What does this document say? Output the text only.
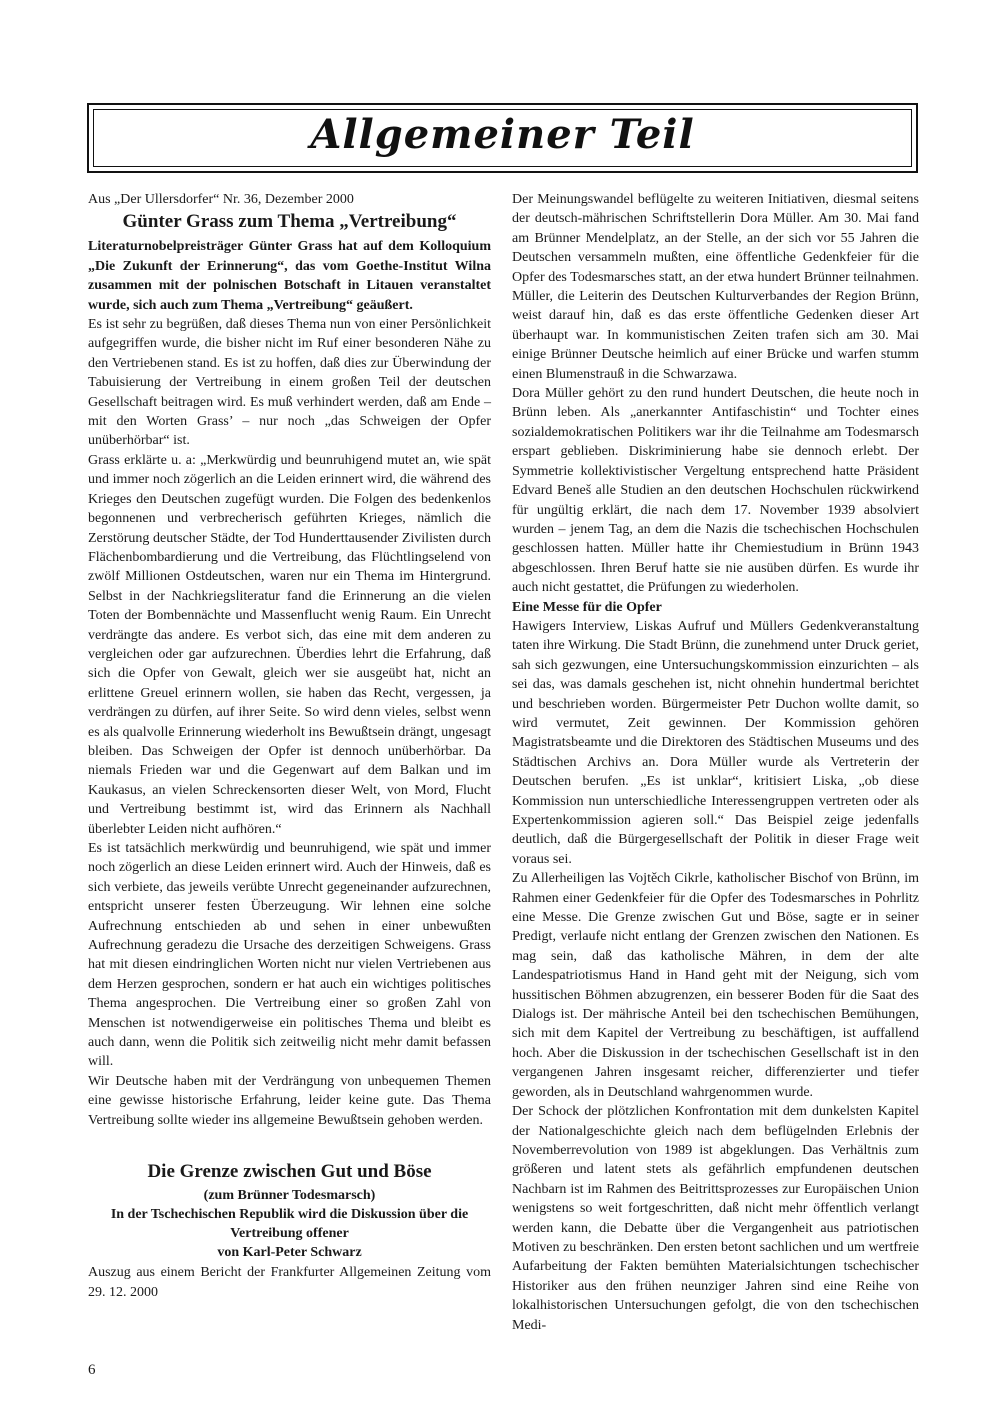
Allgemeiner Teil

Aus „Der Ullersdorfer“ Nr. 36, Dezember 2000

Günter Grass zum Thema „Vertreibung“

Literaturnobelpreisträger Günter Grass hat auf dem Kolloquium „Die Zukunft der Erinnerung“, das vom Goethe-Institut Wilna zusammen mit der polnischen Botschaft in Litauen veranstaltet wurde, sich auch zum Thema „Vertreibung“ geäußert.

Es ist sehr zu begrüßen, daß dieses Thema nun von einer Persönlichkeit aufgegriffen wurde, die bisher nicht im Ruf einer besonderen Nähe zu den Vertriebenen stand. Es ist zu hoffen, daß dies zur Überwindung der Tabuisierung der Vertreibung in einem großen Teil der deutschen Gesellschaft beitragen wird. Es muß verhindert werden, daß am Ende – mit den Worten Grass’ – nur noch „das Schweigen der Opfer unüberhörbar“ ist.

Grass erklärte u. a: „Merkwürdig und beunruhigend mutet an, wie spät und immer noch zögerlich an die Leiden erinnert wird, die während des Krieges den Deutschen zugefügt wurden. Die Folgen des bedenkenlos begonnenen und verbrecherisch geführten Krieges, nämlich die Zerstörung deutscher Städte, der Tod Hunderttausender Zivilisten durch Flächenbombardierung und die Vertreibung, das Flüchtlingselend von zwölf Millionen Ostdeutschen, waren nur ein Thema im Hintergrund. Selbst in der Nachkriegsliteratur fand die Erinnerung an die vielen Toten der Bombennächte und Massenflucht wenig Raum. Ein Unrecht verdrängte das andere. Es verbot sich, das eine mit dem anderen zu vergleichen oder gar aufzurechnen. Überdies lehrt die Erfahrung, daß sich die Opfer von Gewalt, gleich wer sie ausgeübt hat, nicht an erlittene Greuel erinnern wollen, sie haben das Recht, vergessen, ja verdrängen zu dürfen, auf ihrer Seite. So wird denn vieles, selbst wenn es als qualvolle Erinnerung wiederholt ins Bewußtsein drängt, ungesagt bleiben. Das Schweigen der Opfer ist dennoch unüberhörbar. Da niemals Frieden war und die Gegenwart auf dem Balkan und im Kaukasus, an vielen Schreckensorten dieser Welt, von Mord, Flucht und Vertreibung bestimmt ist, wird das Erinnern als Nachhall überlebter Leiden nicht aufhören.“

Es ist tatsächlich merkwürdig und beunruhigend, wie spät und immer noch zögerlich an diese Leiden erinnert wird. Auch der Hinweis, daß es sich verbiete, das jeweils verübte Unrecht gegeneinander aufzurechnen, entspricht unserer festen Überzeugung. Wir lehnen eine solche Aufrechnung entschieden ab und sehen in einer unbewußten Aufrechnung geradezu die Ursache des derzeitigen Schweigens. Grass hat mit diesen eindringlichen Worten nicht nur vielen Vertriebenen aus dem Herzen gesprochen, sondern er hat auch ein wichtiges politisches Thema angesprochen. Die Vertreibung einer so großen Zahl von Menschen ist notwendigerweise ein politisches Thema und bleibt es auch dann, wenn die Politik sich zeitweilig nicht mehr damit befassen will.

Wir Deutsche haben mit der Verdrängung von unbequemen Themen eine gewisse historische Erfahrung, leider keine gute. Das Thema Vertreibung sollte wieder ins allgemeine Bewußtsein gehoben werden.

Die Grenze zwischen Gut und Böse

(zum Brünner Todesmarsch)

In der Tschechischen Republik wird die Diskussion über die Vertreibung offener

von Karl-Peter Schwarz

Auszug aus einem Bericht der Frankfurter Allgemeinen Zeitung vom 29. 12. 2000

Der Meinungswandel beflügelte zu weiteren Initiativen, diesmal seitens der deutsch-mährischen Schriftstellerin Dora Müller. Am 30. Mai fand am Brünner Mendelplatz, an der Stelle, an der sich vor 55 Jahren die Deutschen versammeln mußten, eine öffentliche Gedenkfeier für die Opfer des Todesmarsches statt, an der etwa hundert Brünner teilnahmen. Müller, die Leiterin des Deutschen Kulturverbandes der Region Brünn, weist darauf hin, daß es das erste öffentliche Gedenken dieser Art überhaupt war. In kommunistischen Zeiten trafen sich am 30. Mai einige Brünner Deutsche heimlich auf einer Brücke und warfen stumm einen Blumenstrauß in die Schwarzawa.

Dora Müller gehört zu den rund hundert Deutschen, die heute noch in Brünn leben. Als „anerkannter Antifaschistin“ und Tochter eines sozialdemokratischen Politikers war ihr die Teilnahme am Todesmarsch erspart geblieben. Diskriminierung habe sie dennoch erlebt. Der Symmetrie kollektivistischer Vergeltung entsprechend hatte Präsident Edvard Beneš alle Studien an den deutschen Hochschulen rückwirkend für ungültig erklärt, die nach dem 17. November 1939 absolviert wurden – jenem Tag, an dem die Nazis die tschechischen Hochschulen geschlossen hatten. Müller hatte ihr Chemiestudium in Brünn 1943 abgeschlossen. Ihren Beruf hatte sie nie ausüben dürfen. Es wurde ihr auch nicht gestattet, die Prüfungen zu wiederholen.

Eine Messe für die Opfer

Hawigers Interview, Liskas Aufruf und Müllers Gedenkveranstaltung taten ihre Wirkung. Die Stadt Brünn, die zunehmend unter Druck geriet, sah sich gezwungen, eine Untersuchungskommission einzurichten – als sei das, was damals geschehen ist, nicht ohnehin hundertmal berichtet und beschrieben worden. Bürgermeister Petr Duchon wollte damit, so wird vermutet, Zeit gewinnen. Der Kommission gehören Magistratsbeamte und die Direktoren des Städtischen Museums und des Städtischen Archivs an. Dora Müller wurde als Vertreterin der Deutschen berufen. „Es ist unklar“, kritisiert Liska, „ob diese Kommission nun unterschiedliche Interessengruppen vertreten oder als Expertenkommission agieren soll.“ Das Beispiel zeige jedenfalls deutlich, daß die Bürgergesellschaft der Politik in dieser Frage weit voraus sei.

Zu Allerheiligen las Vojtěch Cikrle, katholischer Bischof von Brünn, im Rahmen einer Gedenkfeier für die Opfer des Todesmarsches in Pohrlitz eine Messe. Die Grenze zwischen Gut und Böse, sagte er in seiner Predigt, verlaufe nicht entlang der Grenzen zwischen den Nationen. Es mag sein, daß das katholische Mähren, in dem der alte Landespatriotismus Hand in Hand geht mit der Neigung, sich vom hussitischen Böhmen abzugrenzen, ein besserer Boden für die Saat des Dialogs ist. Der mährische Anteil bei den tschechischen Bemühungen, sich mit dem Kapitel der Vertreibung zu beschäftigen, ist auffallend hoch. Aber die Diskussion in der tschechischen Gesellschaft ist in den vergangenen Jahren insgesamt reicher, differenzierter und tiefer geworden, als in Deutschland wahrgenommen wurde.

Der Schock der plötzlichen Konfrontation mit dem dunkelsten Kapitel der Nationalgeschichte gleich nach dem beflügelnden Erlebnis der Novemberrevolution von 1989 ist abgeklungen. Das Verhältnis zum größeren und latent stets als gefährlich empfundenen deutschen Nachbarn ist im Rahmen des Beitrittsprozesses zur Europäischen Union wenigstens so weit fortgeschritten, daß nicht mehr öffentlich verlangt werden kann, die Debatte über die Vergangenheit aus patriotischen Motiven zu beschränken. Den ersten betont sachlichen und um wertfreie Aufarbeitung der Fakten bemühten Materialsichtungen tschechischer Historiker aus den frühen neunziger Jahren sind eine Reihe von lokalhistorischen Untersuchungen gefolgt, die von den tschechischen Medi-

6
